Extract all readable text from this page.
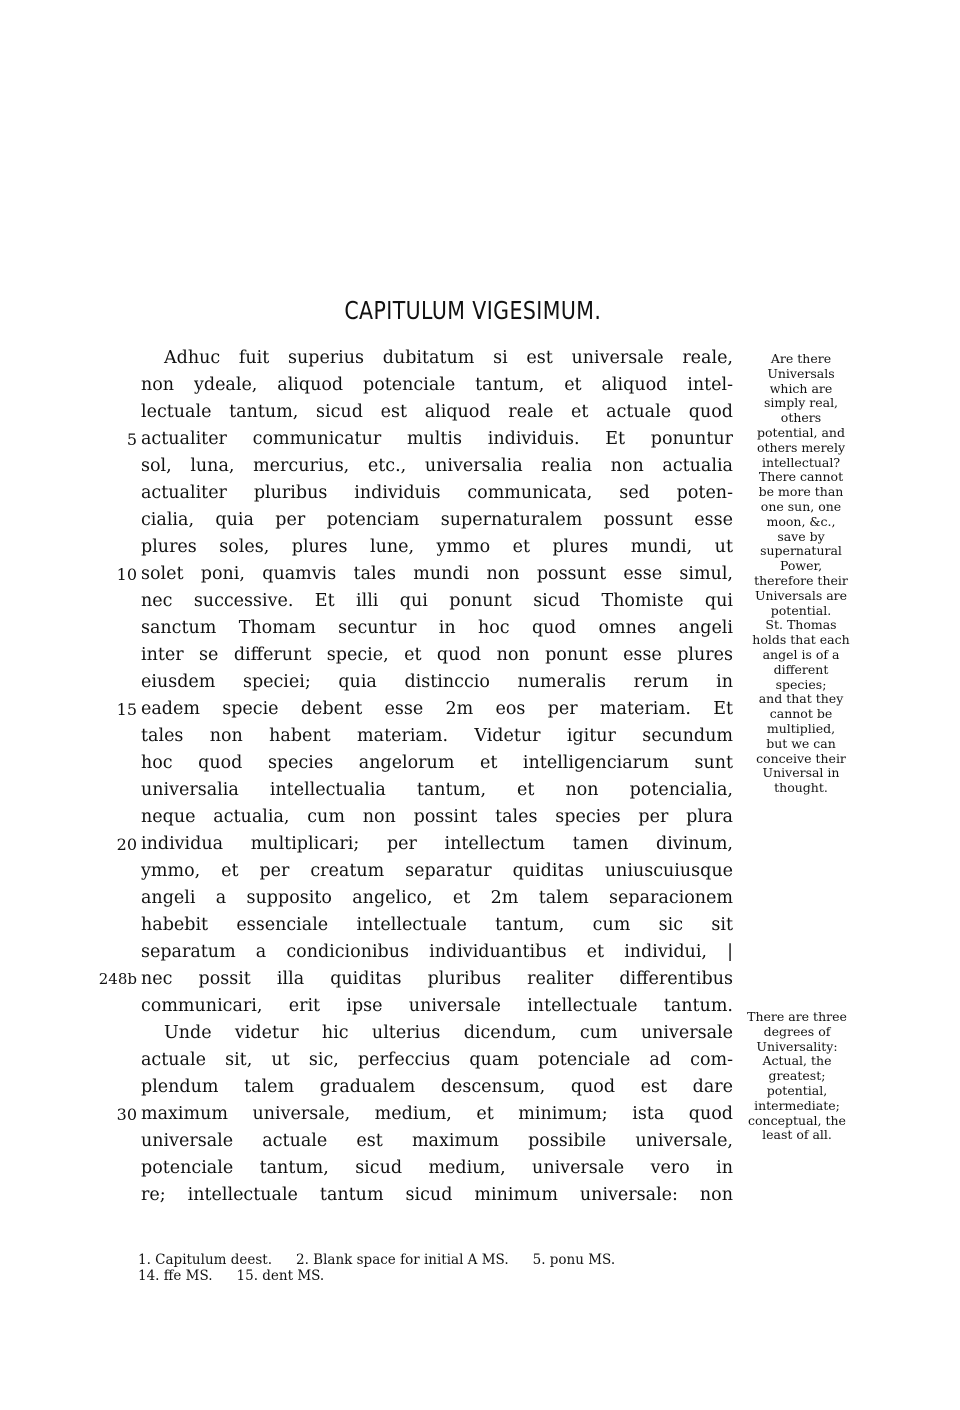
CAPITULUM VIGESIMUM.
Adhuc fuit superius dubitatum si est universale reale,
non ydeale, aliquod potenciale tantum, et aliquod intel-
lectuale tantum, sicud est aliquod reale et actuale quod
5 actualiter communicatur multis individuis. Et ponuntur
sol, luna, mercurius, etc., universalia realia non actualia
actualiter pluribus individuis communicata, sed poten-
cialia, quia per potenciam supernaturalem possunt esse
plures soles, plures lune, ymmo et plures mundi, ut
10 solet poni, quamvis tales mundi non possunt esse simul,
nec successive. Et illi qui ponunt sicud Thomiste qui
sanctum Thomam secuntur in hoc quod omnes angeli
inter se differunt specie, et quod non ponunt esse plures
eiusdem speciei; quia distinccio numeralis rerum in
15 eadem specie debent esse 2m eos per materiam. Et
tales non habent materiam. Videtur igitur secundum
hoc quod species angelorum et intelligenciarum sunt
universalia intellectualia tantum, et non potencialia,
neque actualia, cum non possint tales species per plura
20 individua multiplicari; per intellectum tamen divinum,
ymmo, et per creatum separatur quiditas uniuscuiusque
angeli a supposito angelico, et 2m talem separacionem
habebit essenciale intellectuale tantum, cum sic sit
separatum a condicionibus individuantibus et individui, |
248b nec possit illa quiditas pluribus realiter differentibus
communicari, erit ipse universale intellectuale tantum.
Unde videtur hic ulterius dicendum, cum universale
actuale sit, ut sic, perfeccius quam potenciale ad com-
plendum talem gradualem descensum, quod est dare
30 maximum universale, medium, et minimum; ista quod
universale actuale est maximum possibile universale,
potenciale tantum, sicud medium, universale vero in
re; intellectuale tantum sicud minimum universale: non
Are there
Universals
which are
simply real,
others
potential, and
others merely
intellectual?
There cannot
be more than
one sun, one
moon, &c.,
save by
supernatural
Power,
therefore their
Universals are
potential.
St. Thomas
holds that each
angel is of a
different
species;
and that they
cannot be
multiplied,
but we can
conceive their
Universal in
thought.
There are three
degrees of
Universality:
Actual, the
greatest;
potential,
intermediate;
conceptual, the
least of all.
1. Capitulum deest. 2. Blank space for initial A MS. 5. ponu MS.
14. ffe MS. 15. dent MS.
